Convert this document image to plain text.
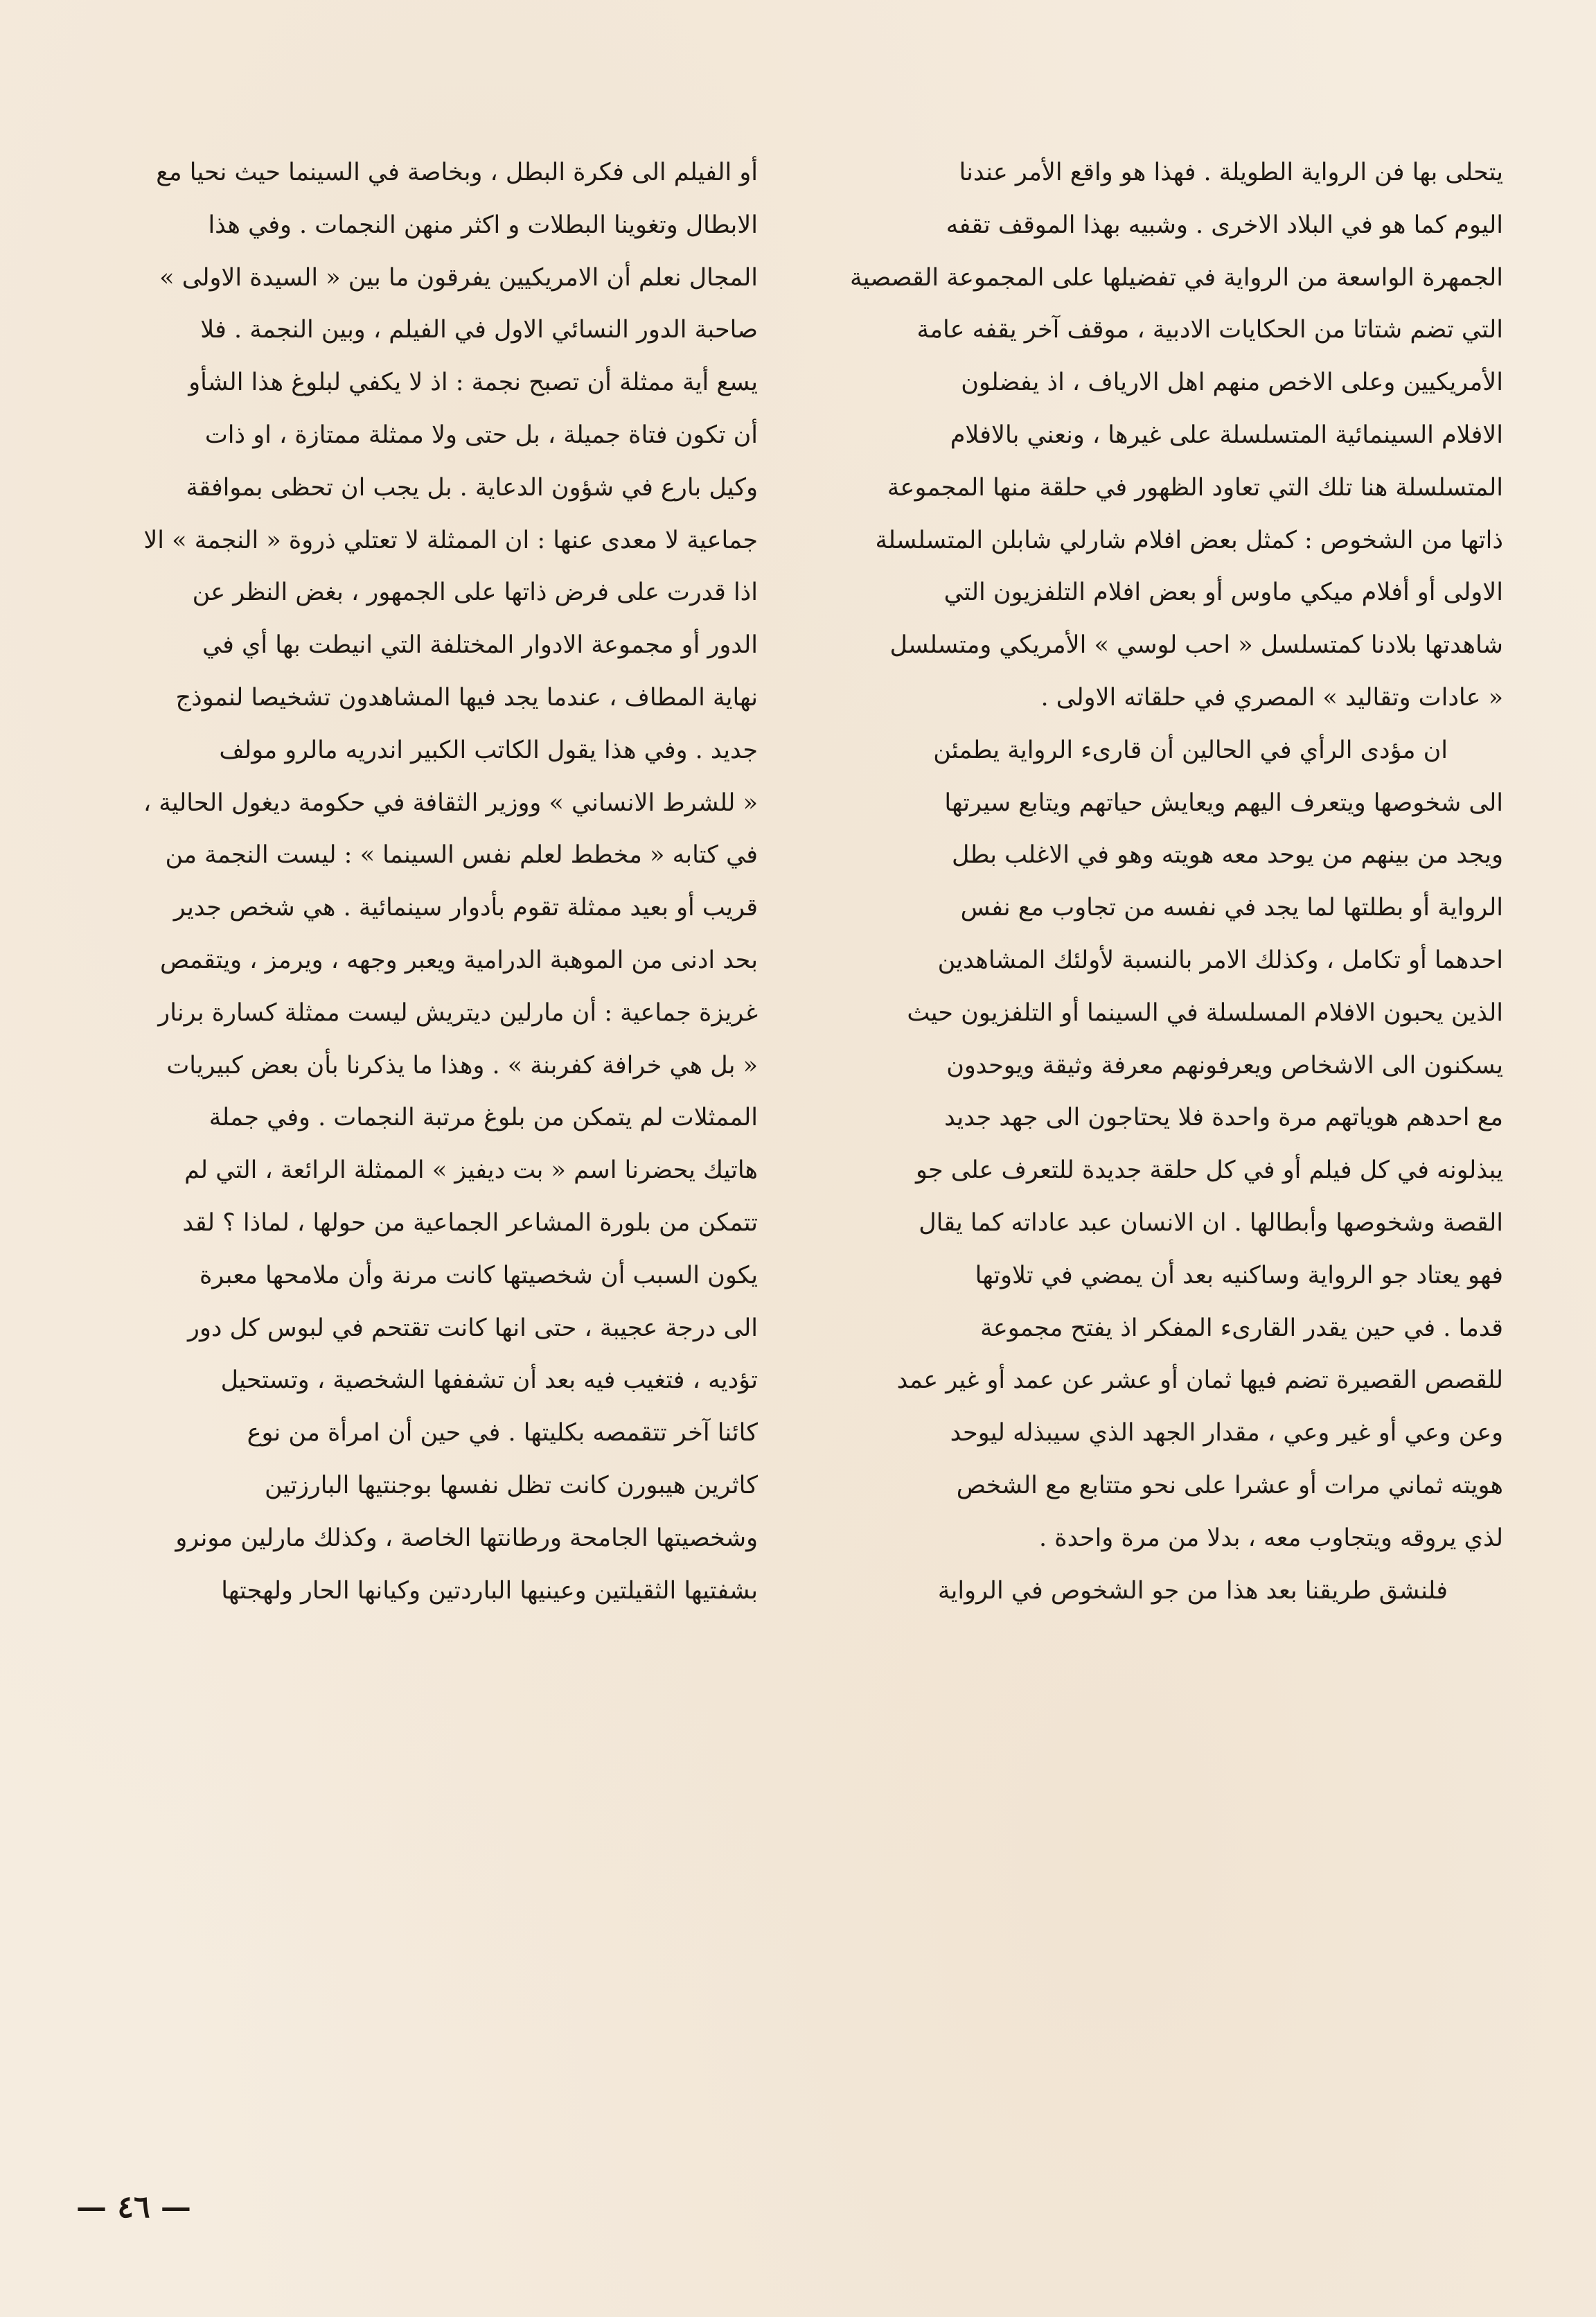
يتحلى بها فن الرواية الطويلة . فهذا هو واقع الأمر عندنا
اليوم كما هو في البلاد الاخرى . وشبيه بهذا الموقف تقفه
الجمهرة الواسعة من الرواية في تفضيلها على المجموعة القصصية
التي تضم شتاتا من الحكايات الادبية ، موقف آخر يقفه عامة
الأمريكيين وعلى الاخص منهم اهل الارياف ، اذ يفضلون
الافلام السينمائية المتسلسلة على غيرها ، ونعني بالافلام
المتسلسلة هنا تلك التي تعاود الظهور في حلقة منها المجموعة
ذاتها من الشخوص : كمثل بعض افلام شارلي شابلن المتسلسلة
الاولى أو أفلام ميكي ماوس أو بعض افلام التلفزيون التي
شاهدتها بلادنا كمتسلسل « احب لوسي » الأمريكي ومتسلسل
« عادات وتقاليد » المصري في حلقاته الاولى .
ان مؤدى الرأي في الحالين أن قارىء الرواية يطمئن
الى شخوصها ويتعرف اليهم ويعايش حياتهم ويتابع سيرتها
ويجد من بينهم من يوحد معه هويته وهو في الاغلب بطل
الرواية أو بطلتها لما يجد في نفسه من تجاوب مع نفس
احدهما أو تكامل ، وكذلك الامر بالنسبة لأولئك المشاهدين
الذين يحبون الافلام المسلسلة في السينما أو التلفزيون حيث
يسكنون الى الاشخاص ويعرفونهم معرفة وثيقة ويوحدون
مع احدهم هوياتهم مرة واحدة فلا يحتاجون الى جهد جديد
يبذلونه في كل فيلم أو في كل حلقة جديدة للتعرف على جو
القصة وشخوصها وأبطالها . ان الانسان عبد عاداته كما يقال
فهو يعتاد جو الرواية وساكنيه بعد أن يمضي في تلاوتها
قدما . في حين يقدر القارىء المفكر اذ يفتح مجموعة
للقصص القصيرة تضم فيها ثمان أو عشر عن عمد أو غير عمد
وعن وعي أو غير وعي ، مقدار الجهد الذي سيبذله ليوحد
هويته ثماني مرات أو عشرا على نحو متتابع مع الشخص
لذي يروقه ويتجاوب معه ، بدلا من مرة واحدة .
فلنشق طريقنا بعد هذا من جو الشخوص في الرواية
أو الفيلم الى فكرة البطل ، وبخاصة في السينما حيث نحيا مع
الابطال وتغوينا البطلات و اكثر منهن النجمات . وفي هذا
المجال نعلم أن الامريكيين يفرقون ما بين « السيدة الاولى »
صاحبة الدور النسائي الاول في الفيلم ، وبين النجمة . فلا
يسع أية ممثلة أن تصبح نجمة : اذ لا يكفي لبلوغ هذا الشأو
أن تكون فتاة جميلة ، بل حتى ولا ممثلة ممتازة ، او ذات
وكيل بارع في شؤون الدعاية . بل يجب ان تحظى بموافقة
جماعية لا معدى عنها : ان الممثلة لا تعتلي ذروة « النجمة » الا
اذا قدرت على فرض ذاتها على الجمهور ، بغض النظر عن
الدور أو مجموعة الادوار المختلفة التي انيطت بها أي في
نهاية المطاف ، عندما يجد فيها المشاهدون تشخيصا لنموذج
جديد . وفي هذا يقول الكاتب الكبير اندريه مالرو مولف
« للشرط الانساني » ووزير الثقافة في حكومة ديغول الحالية ،
في كتابه « مخطط لعلم نفس السينما » : ليست النجمة من
قريب أو بعيد ممثلة تقوم بأدوار سينمائية . هي شخص جدير
بحد ادنى من الموهبة الدرامية ويعبر وجهه ، ويرمز ، ويتقمص
غريزة جماعية : أن مارلين ديتريش ليست ممثلة كسارة برنار
« بل هي خرافة كفربنة » . وهذا ما يذكرنا بأن بعض كبيريات
الممثلات لم يتمكن من بلوغ مرتبة النجمات . وفي جملة
هاتيك يحضرنا اسم « بت ديفيز » الممثلة الرائعة ، التي لم
تتمكن من بلورة المشاعر الجماعية من حولها ، لماذا ؟ لقد
يكون السبب أن شخصيتها كانت مرنة وأن ملامحها معبرة
الى درجة عجيبة ، حتى انها كانت تقتحم في لبوس كل دور
تؤديه ، فتغيب فيه بعد أن تشففها الشخصية ، وتستحيل
كائنا آخر تتقمصه بكليتها . في حين أن امرأة من نوع
كاثرين هيبورن كانت تظل نفسها بوجنتيها البارزتين
وشخصيتها الجامحة ورطانتها الخاصة ، وكذلك مارلين مونرو
بشفتيها الثقيلتين وعينيها الباردتين وكيانها الحار ولهجتها
— ٤٦ —
